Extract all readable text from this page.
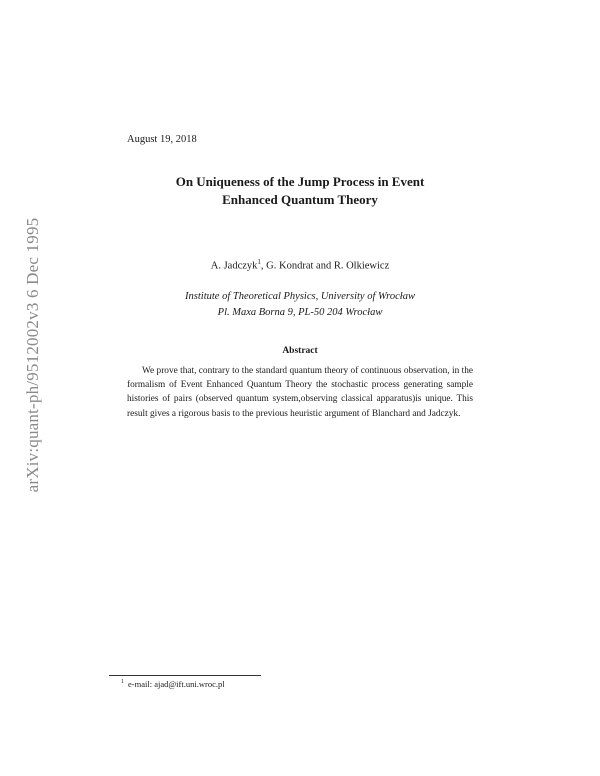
arXiv:quant-ph/9512002v3 6 Dec 1995
August 19, 2018
On Uniqueness of the Jump Process in Event
Enhanced Quantum Theory
A. Jadczyk$^1$, G. Kondrat and R. Olkiewicz
Institute of Theoretical Physics, University of Wrocław
Pl. Maxa Borna 9, PL-50 204 Wrocław
Abstract
We prove that, contrary to the standard quantum theory of continuous observation, in the formalism of Event Enhanced Quantum Theory the stochastic process generating sample histories of pairs (observed quantum system,observing classical apparatus)is unique. This result gives a rigorous basis to the previous heuristic argument of Blanchard and Jadczyk.
$^1$ e-mail: ajad@ift.uni.wroc.pl
